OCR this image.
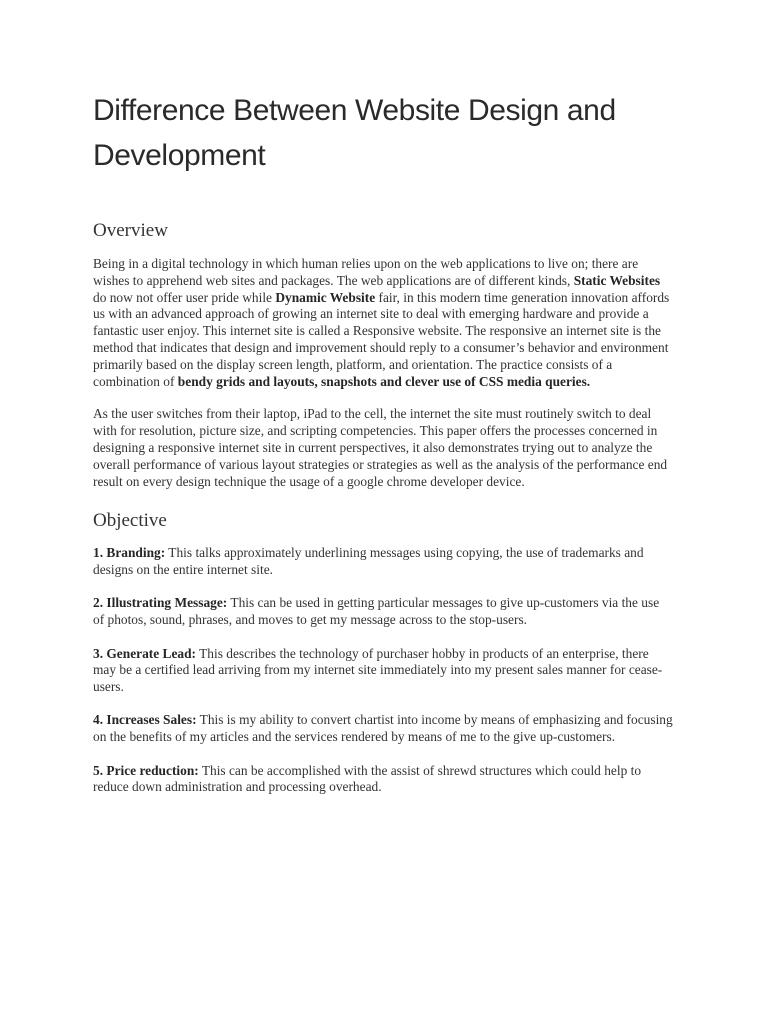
Difference Between Website Design and Development
Overview

Being in a digital technology in which human relies upon on the web applications to live on; there are wishes to apprehend web sites and packages. The web applications are of different kinds, Static Websites do now not offer user pride while Dynamic Website fair, in this modern time generation innovation affords us with an advanced approach of growing an internet site to deal with emerging hardware and provide a fantastic user enjoy. This internet site is called a Responsive website. The responsive an internet site is the method that indicates that design and improvement should reply to a consumer’s behavior and environment primarily based on the display screen length, platform, and orientation. The practice consists of a combination of bendy grids and layouts, snapshots and clever use of CSS media queries.

As the user switches from their laptop, iPad to the cell, the internet the site must routinely switch to deal with for resolution, picture size, and scripting competencies. This paper offers the processes concerned in designing a responsive internet site in current perspectives, it also demonstrates trying out to analyze the overall performance of various layout strategies or strategies as well as the analysis of the performance end result on every design technique the usage of a google chrome developer device.

Objective

1. Branding: This talks approximately underlining messages using copying, the use of trademarks and designs on the entire internet site.

2. Illustrating Message: This can be used in getting particular messages to give up-customers via the use of photos, sound, phrases, and moves to get my message across to the stop-users.

3. Generate Lead: This describes the technology of purchaser hobby in products of an enterprise, there may be a certified lead arriving from my internet site immediately into my present sales manner for cease-users.

4. Increases Sales: This is my ability to convert chartist into income by means of emphasizing and focusing on the benefits of my articles and the services rendered by means of me to the give up-customers.

5. Price reduction: This can be accomplished with the assist of shrewd structures which could help to reduce down administration and processing overhead.
